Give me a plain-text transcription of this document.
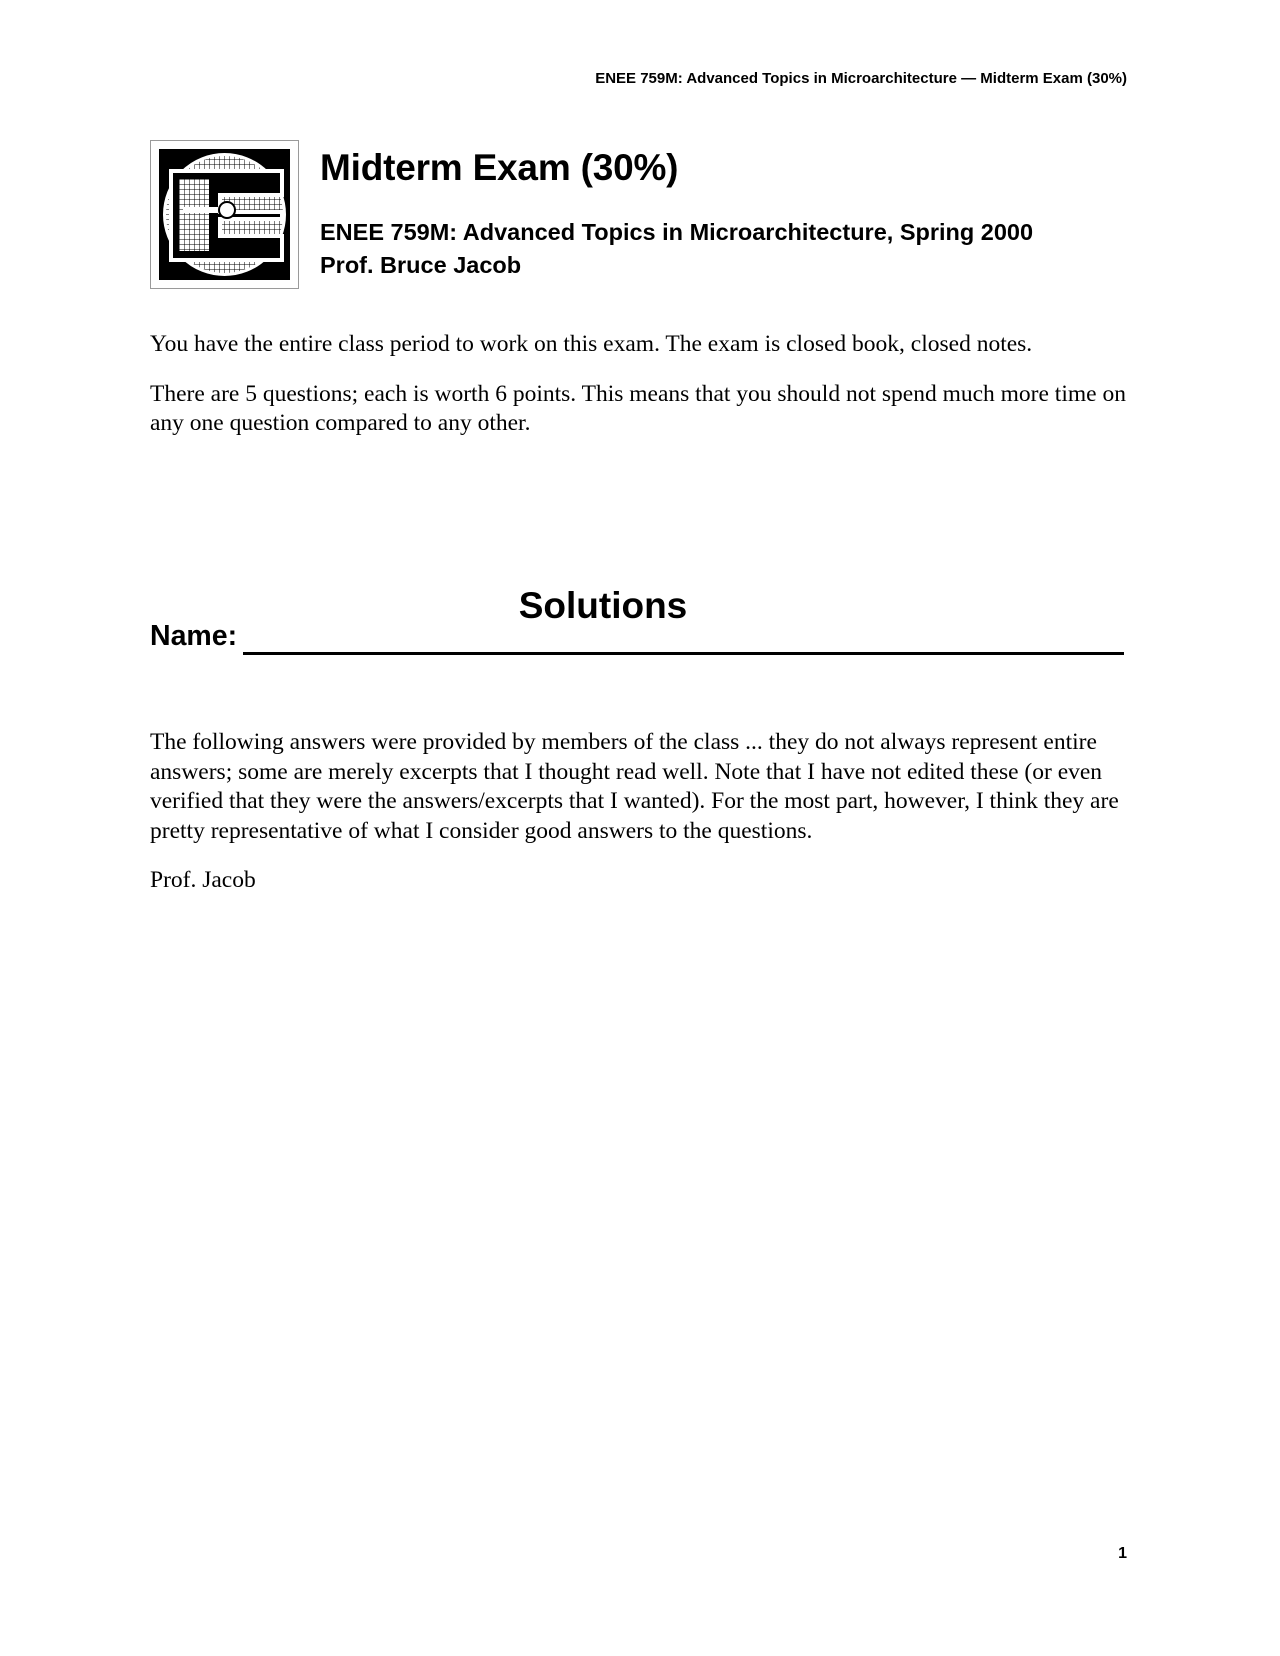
ENEE 759M: Advanced Topics in Microarchitecture — Midterm Exam (30%)
Midterm Exam (30%)
ENEE 759M: Advanced Topics in Microarchitecture, Spring 2000
Prof. Bruce Jacob

You have the entire class period to work on this exam. The exam is closed book, closed notes.

There are 5 questions; each is worth 6 points. This means that you should not spend much more time on any one question compared to any other.

Solutions
Name:

The following answers were provided by members of the class ... they do not always represent entire answers; some are merely excerpts that I thought read well. Note that I have not edited these (or even verified that they were the answers/excerpts that I wanted). For the most part, however, I think they are pretty representative of what I consider good answers to the questions.

Prof. Jacob

1
